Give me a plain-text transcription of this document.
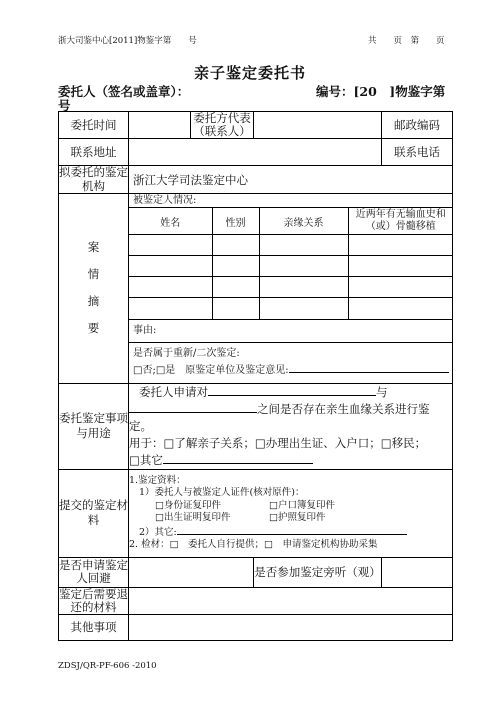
浙大司鉴中心[2011]物鉴字第　　号	共　　页　第　　页
亲子鉴定委托书
委托人（签名或盖章）：	编号：[20　]物鉴字第
号
委托时间		委托方代表（联系人）		邮政编码
联系地址		联系电话
拟委托的鉴定机构	浙江大学司法鉴定中心

案
情
摘
要

被鉴定人情况:
姓名	性别	亲缘关系	近两年有无输血史和（或）骨髓移植

事由:
是否属于重新/二次鉴定:
□否;□是　原鉴定单位及鉴定意见:

委托鉴定事项与用途	
委托人申请对	与
之间是否存在亲生血缘关系进行鉴定。
用于：□了解亲子关系；□办理出生证、入户口；□移民；
□其它

提交的鉴定材料	
1.鉴定资料：
1）委托人与被鉴定人证件(核对原件)：
□身份证复印件	□户口簿复印件
□出生证明复印件	□护照复印件
2）其它:
2. 检材：□　委托人自行提供；□　申请鉴定机构协助采集

是否申请鉴定人回避		是否参加鉴定旁听（观）	
鉴定后需要退还的材料	
其他事项	
ZDSJ/QR-PF-606 -2010
